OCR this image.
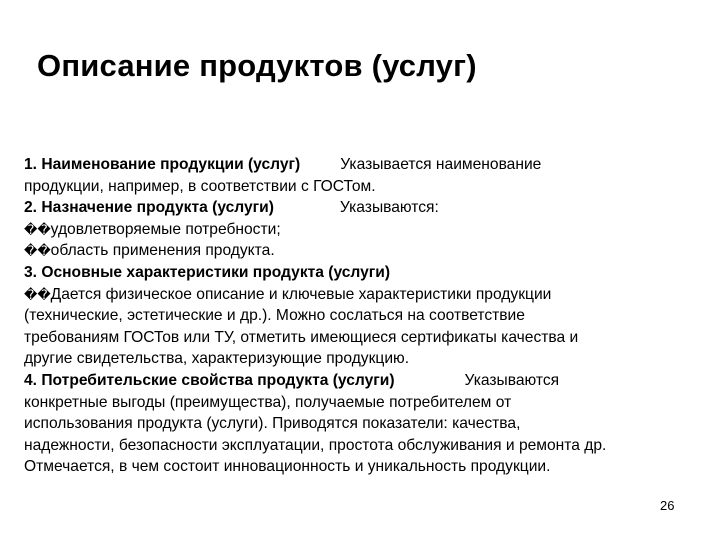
Описание продуктов (услуг)
1. Наименование продукции (услуг)	Указывается наименование
продукции, например, в соответствии с ГОСТом.
2. Назначение продукта (услуги)	Указываются:
��удовлетворяемые потребности;
��область применения продукта.
3. Основные характеристики продукта (услуги)
��Дается физическое описание и ключевые характеристики продукции
(технические, эстетические и др.). Можно сослаться на соответствие
требованиям ГОСТов или ТУ, отметить имеющиеся сертификаты качества и
другие свидетельства, характеризующие продукцию.
4. Потребительские свойства продукта (услуги)	Указываются
конкретные выгоды (преимущества), получаемые потребителем от
использования продукта (услуги). Приводятся показатели: качества,
надежности, безопасности эксплуатации, простота обслуживания и ремонта др.
Отмечается, в чем состоит инновационность и уникальность продукции.
26
